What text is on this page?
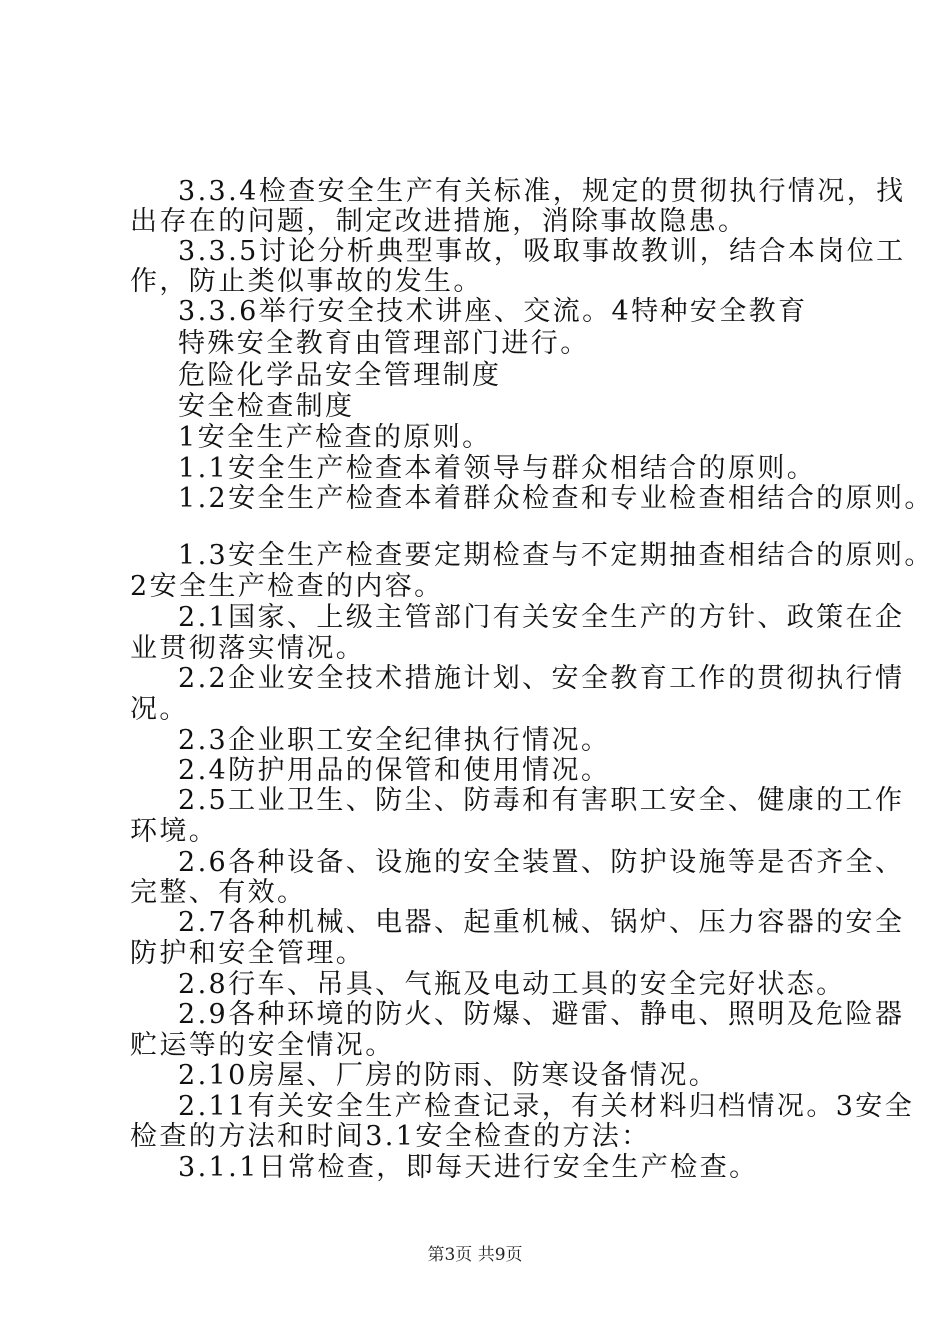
3.3.4检查安全生产有关标准，规定的贯彻执行情况，找
出存在的问题，制定改进措施，消除事故隐患。
3.3.5讨论分析典型事故，吸取事故教训，结合本岗位工
作，防止类似事故的发生。
3.3.6举行安全技术讲座、交流。4特种安全教育
特殊安全教育由管理部门进行。
危险化学品安全管理制度
安全检查制度
1安全生产检查的原则。
1.1安全生产检查本着领导与群众相结合的原则。
1.2安全生产检查本着群众检查和专业检查相结合的原则。
1.3安全生产检查要定期检查与不定期抽查相结合的原则。
2安全生产检查的内容。
2.1国家、上级主管部门有关安全生产的方针、政策在企
业贯彻落实情况。
2.2企业安全技术措施计划、安全教育工作的贯彻执行情
况。
2.3企业职工安全纪律执行情况。
2.4防护用品的保管和使用情况。
2.5工业卫生、防尘、防毒和有害职工安全、健康的工作
环境。
2.6各种设备、设施的安全装置、防护设施等是否齐全、
完整、有效。
2.7各种机械、电器、起重机械、锅炉、压力容器的安全
防护和安全管理。
2.8行车、吊具、气瓶及电动工具的安全完好状态。
2.9各种环境的防火、防爆、避雷、静电、照明及危险器
贮运等的安全情况。
2.10房屋、厂房的防雨、防寒设备情况。
2.11有关安全生产检查记录，有关材料归档情况。3安全
检查的方法和时间3.1安全检查的方法：
3.1.1日常检查，即每天进行安全生产检查。
第3页 共9页
